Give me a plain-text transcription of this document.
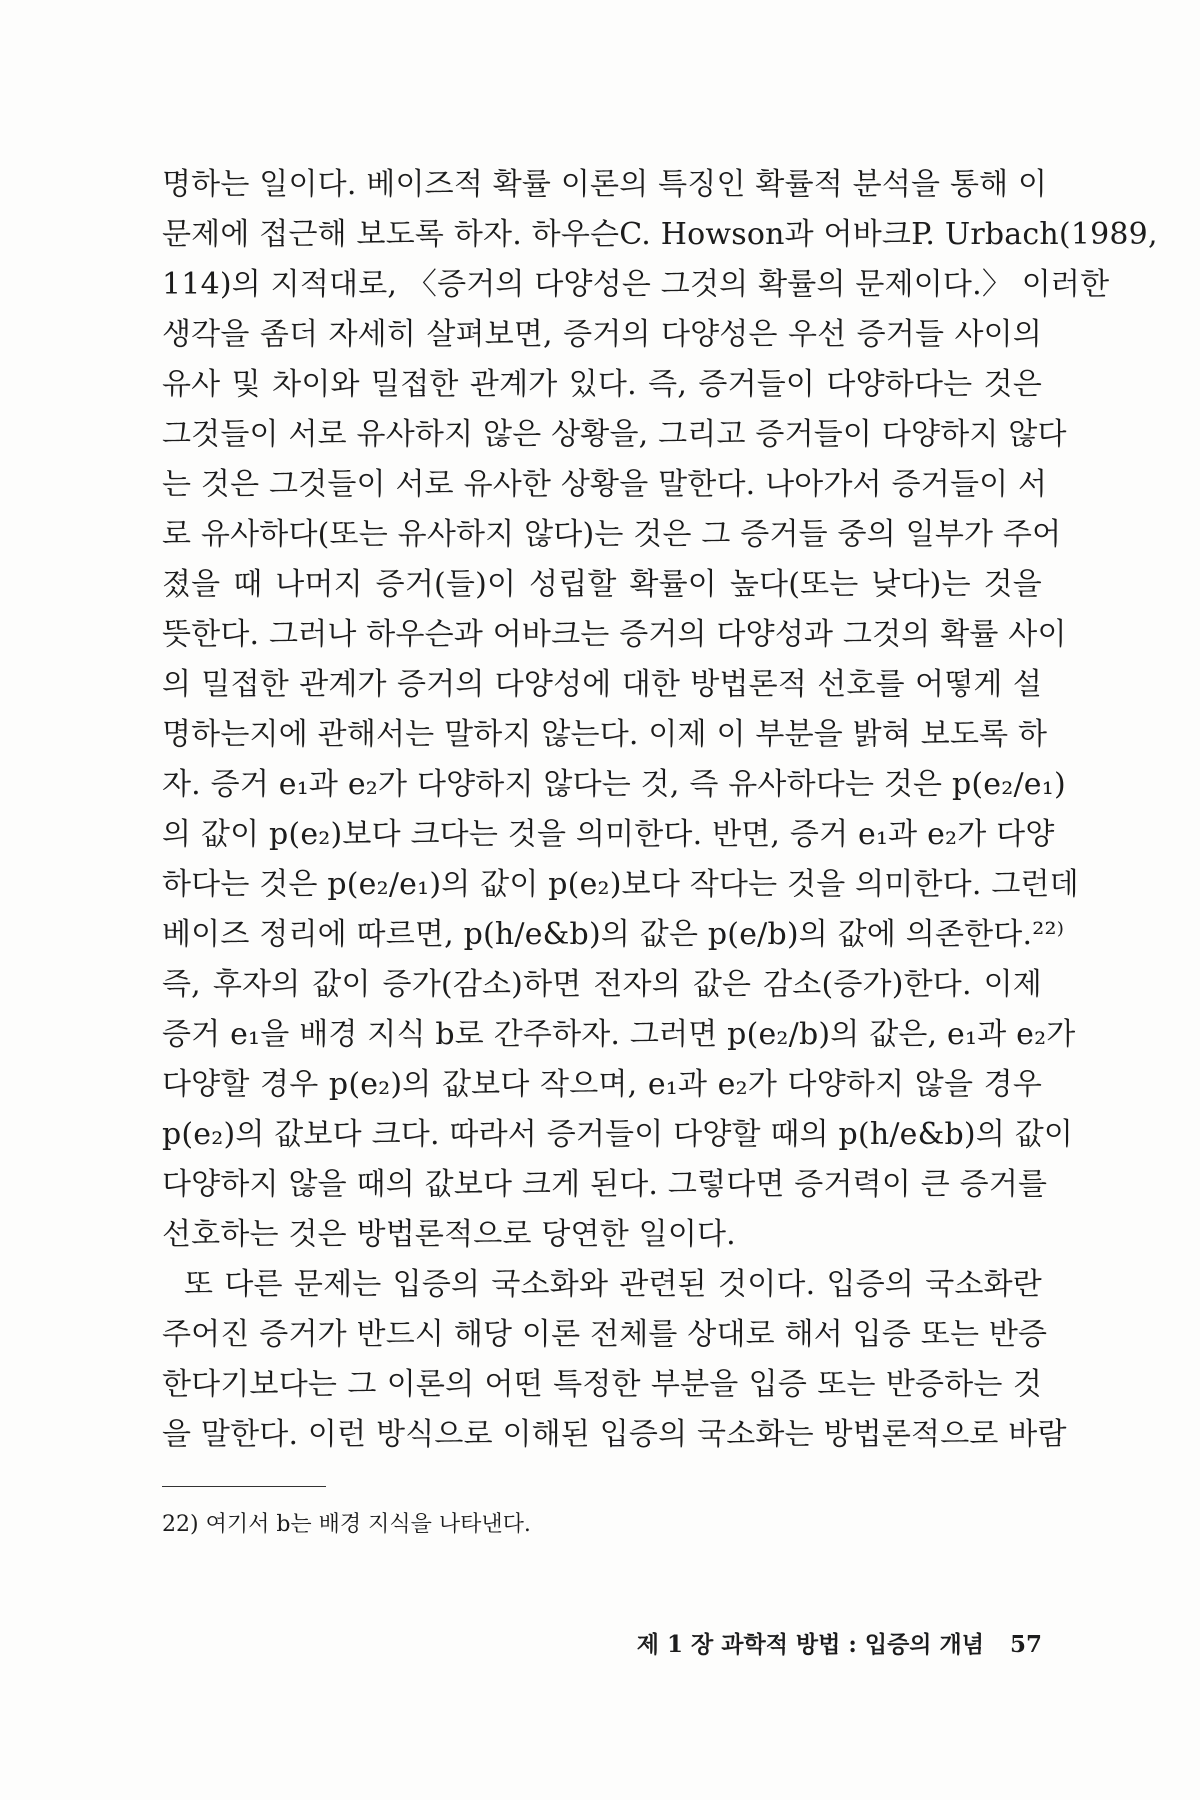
명하는 일이다. 베이즈적 확률 이론의 특징인 확률적 분석을 통해 이
문제에 접근해 보도록 하자. 하우슨C. Howson과 어바크P. Urbach(1989,
114)의 지적대로, 〈증거의 다양성은 그것의 확률의 문제이다.〉 이러한
생각을 좀더 자세히 살펴보면, 증거의 다양성은 우선 증거들 사이의
유사 및 차이와 밀접한 관계가 있다. 즉, 증거들이 다양하다는 것은
그것들이 서로 유사하지 않은 상황을, 그리고 증거들이 다양하지 않다
는 것은 그것들이 서로 유사한 상황을 말한다. 나아가서 증거들이 서
로 유사하다(또는 유사하지 않다)는 것은 그 증거들 중의 일부가 주어
졌을 때 나머지 증거(들)이 성립할 확률이 높다(또는 낮다)는 것을
뜻한다. 그러나 하우슨과 어바크는 증거의 다양성과 그것의 확률 사이
의 밀접한 관계가 증거의 다양성에 대한 방법론적 선호를 어떻게 설
명하는지에 관해서는 말하지 않는다. 이제 이 부분을 밝혀 보도록 하
자. 증거 e₁과 e₂가 다양하지 않다는 것, 즉 유사하다는 것은 p(e₂/e₁)
의 값이 p(e₂)보다 크다는 것을 의미한다. 반면, 증거 e₁과 e₂가 다양
하다는 것은 p(e₂/e₁)의 값이 p(e₂)보다 작다는 것을 의미한다. 그런데
베이즈 정리에 따르면, p(h/e&b)의 값은 p(e/b)의 값에 의존한다.²²⁾
즉, 후자의 값이 증가(감소)하면 전자의 값은 감소(증가)한다. 이제
증거 e₁을 배경 지식 b로 간주하자. 그러면 p(e₂/b)의 값은, e₁과 e₂가
다양할 경우 p(e₂)의 값보다 작으며, e₁과 e₂가 다양하지 않을 경우
p(e₂)의 값보다 크다. 따라서 증거들이 다양할 때의 p(h/e&b)의 값이
다양하지 않을 때의 값보다 크게 된다. 그렇다면 증거력이 큰 증거를
선호하는 것은 방법론적으로 당연한 일이다.
또 다른 문제는 입증의 국소화와 관련된 것이다. 입증의 국소화란
주어진 증거가 반드시 해당 이론 전체를 상대로 해서 입증 또는 반증
한다기보다는 그 이론의 어떤 특정한 부분을 입증 또는 반증하는 것
을 말한다. 이런 방식으로 이해된 입증의 국소화는 방법론적으로 바람
22) 여기서 b는 배경 지식을 나타낸다.
제 1 장 과학적 방법 : 입증의 개념 57
